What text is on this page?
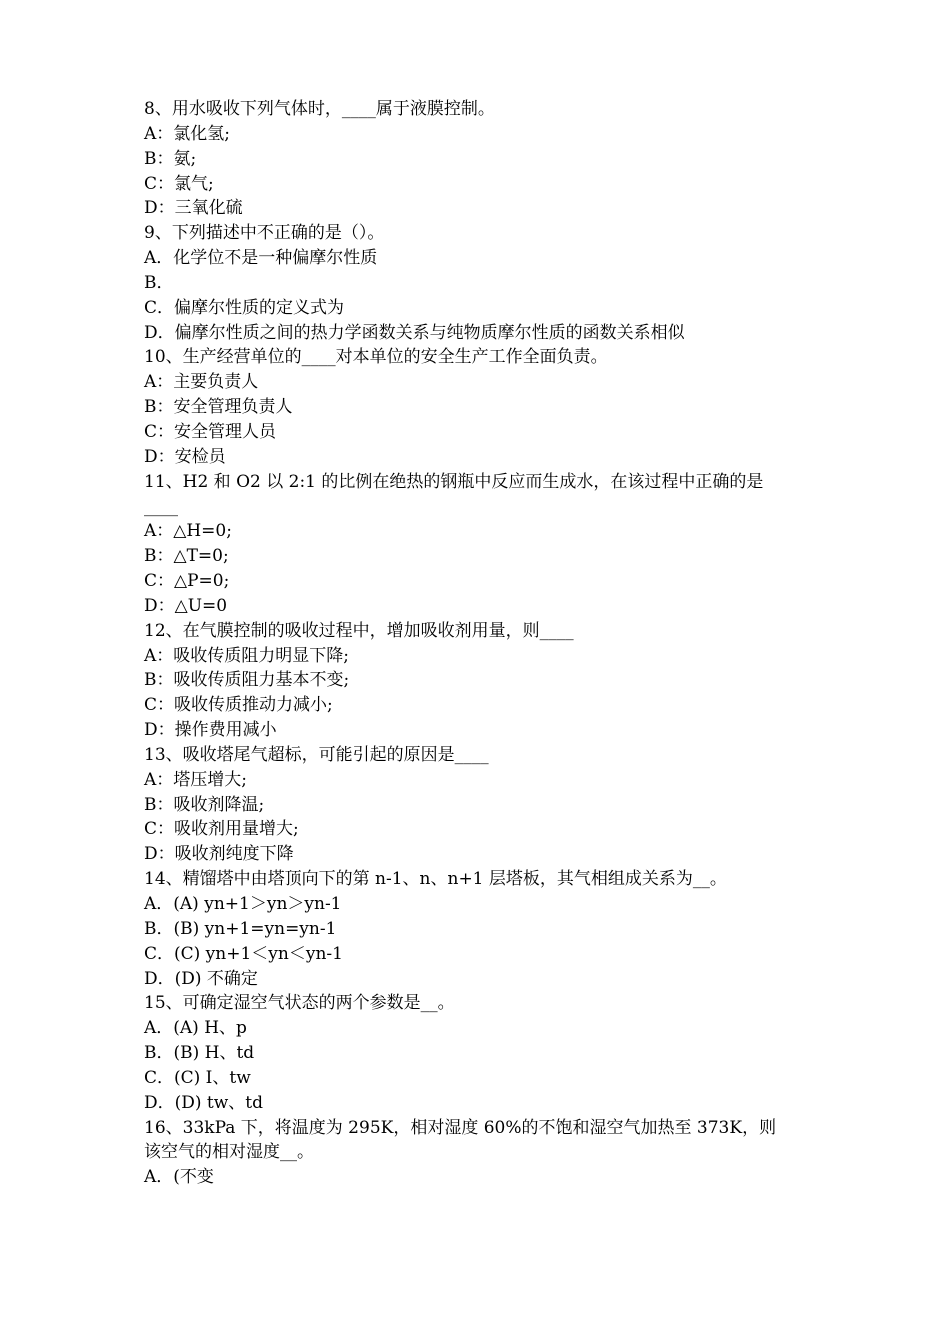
8、用水吸收下列气体时，____属于液膜控制。
A：氯化氢;
B：氨;
C：氯气;
D：三氧化硫
9、下列描述中不正确的是（）。
A．化学位不是一种偏摩尔性质
B．
C．偏摩尔性质的定义式为
D．偏摩尔性质之间的热力学函数关系与纯物质摩尔性质的函数关系相似
10、生产经营单位的____对本单位的安全生产工作全面负责。
A：主要负责人
B：安全管理负责人
C：安全管理人员
D：安检员
11、H2 和 O2 以 2:1 的比例在绝热的钢瓶中反应而生成水，在该过程中正确的是
____
A：△H=0;
B：△T=0;
C：△P=0;
D：△U=0
12、在气膜控制的吸收过程中，增加吸收剂用量，则____
A：吸收传质阻力明显下降;
B：吸收传质阻力基本不变;
C：吸收传质推动力减小;
D：操作费用减小
13、吸收塔尾气超标，可能引起的原因是____
A：塔压增大;
B：吸收剂降温;
C：吸收剂用量增大;
D：吸收剂纯度下降
14、精馏塔中由塔顶向下的第 n-1、n、n+1 层塔板，其气相组成关系为__。
A．(A) yn+1＞yn＞yn-1
B．(B) yn+1=yn=yn-1
C．(C) yn+1＜yn＜yn-1
D．(D) 不确定
15、可确定湿空气状态的两个参数是__。
A．(A) H、p
B．(B) H、td
C．(C) I、tw
D．(D) tw、td
16、33kPa 下，将温度为 295K，相对湿度 60%的不饱和湿空气加热至 373K，则
该空气的相对湿度__。
A．(不变
